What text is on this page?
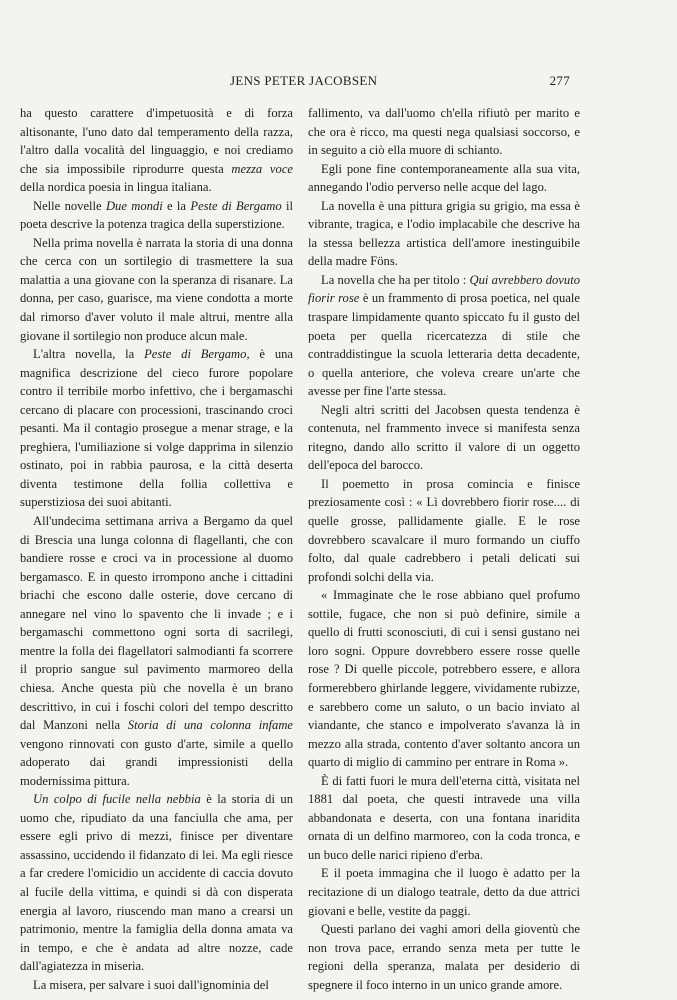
JENS PETER JACOBSEN	277

ha questo carattere d'impetuosità e di forza altisonante, l'uno dato dal temperamento della razza, l'altro dalla vocalità del linguaggio, e noi crediamo che sia impossibile riprodurre questa mezza voce della nordica poesia in lingua italiana.

Nelle novelle Due mondi e la Peste di Bergamo il poeta descrive la potenza tragica della superstizione.

Nella prima novella è narrata la storia di una donna che cerca con un sortilegio di trasmettere la sua malattia a una giovane con la speranza di risanare. La donna, per caso, guarisce, ma viene condotta a morte dal rimorso d'aver voluto il male altrui, mentre alla giovane il sortilegio non produce alcun male.

L'altra novella, la Peste di Bergamo, è una magnifica descrizione del cieco furore popolare contro il terribile morbo infettivo, che i bergamaschi cercano di placare con processioni, trascinando croci pesanti. Ma il contagio prosegue a menar strage, e la preghiera, l'umiliazione si volge dapprima in silenzio ostinato, poi in rabbia paurosa, e la città deserta diventa testimone della follia collettiva e superstiziosa dei suoi abitanti.

All'undecima settimana arriva a Bergamo da quel di Brescia una lunga colonna di flagellanti, che con bandiere rosse e croci va in processione al duomo bergamasco. E in questo irrompono anche i cittadini briachi che escono dalle osterie, dove cercano di annegare nel vino lo spavento che li invade ; e i bergamaschi commettono ogni sorta di sacrilegi, mentre la folla dei flagellatori salmodianti fa scorrere il proprio sangue sul pavimento marmoreo della chiesa. Anche questa più che novella è un brano descrittivo, in cui i foschi colori del tempo descritto dal Manzoni nella Storia di una colonna infame vengono rinnovati con gusto d'arte, simile a quello adoperato dai grandi impressionisti della modernissima pittura.

Un colpo di fucile nella nebbia è la storia di un uomo che, ripudiato da una fanciulla che ama, per essere egli privo di mezzi, finisce per diventare assassino, uccidendo il fidanzato di lei. Ma egli riesce a far credere l'omicidio un accidente di caccia dovuto al fucile della vittima, e quindi si dà con disperata energia al lavoro, riuscendo man mano a crearsi un patrimonio, mentre la famiglia della donna amata va in tempo, e che è andata ad altre nozze, cade dall'agiatezza in miseria.

La misera, per salvare i suoi dall'ignominia del

fallimento, va dall'uomo ch'ella rifiutò per marito e che ora è ricco, ma questi nega qualsiasi soccorso, e in seguito a ciò ella muore di schianto.

Egli pone fine contemporaneamente alla sua vita, annegando l'odio perverso nelle acque del lago.

La novella è una pittura grigia su grigio, ma essa è vibrante, tragica, e l'odio implacabile che descrive ha la stessa bellezza artistica dell'amore inestinguibile della madre Föns.

La novella che ha per titolo : Qui avrebbero dovuto fiorir rose è un frammento di prosa poetica, nel quale traspare limpidamente quanto spiccato fu il gusto del poeta per quella ricercatezza di stile che contraddistingue la scuola letteraria detta decadente, o quella anteriore, che voleva creare un'arte che avesse per fine l'arte stessa.

Negli altri scritti del Jacobsen questa tendenza è contenuta, nel frammento invece si manifesta senza ritegno, dando allo scritto il valore di un oggetto dell'epoca del barocco.

Il poemetto in prosa comincia e finisce preziosamente così : « Lì dovrebbero fiorir rose.... di quelle grosse, pallidamente gialle. E le rose dovrebbero scavalcare il muro formando un ciuffo folto, dal quale cadrebbero i petali delicati sui profondi solchi della via.

« Immaginate che le rose abbiano quel profumo sottile, fugace, che non si può definire, simile a quello di frutti sconosciuti, di cui i sensi gustano nei loro sogni. Oppure dovrebbero essere rosse quelle rose ? Di quelle piccole, potrebbero essere, e allora formerebbero ghirlande leggere, vividamente rubizze, e sarebbero come un saluto, o un bacio inviato al viandante, che stanco e impolverato s'avanza là in mezzo alla strada, contento d'aver soltanto ancora un quarto di miglio di cammino per entrare in Roma ».

È di fatti fuori le mura dell'eterna città, visitata nel 1881 dal poeta, che questi intravede una villa abbandonata e deserta, con una fontana inaridita ornata di un delfino marmoreo, con la coda tronca, e un buco delle narici ripieno d'erba.

E il poeta immagina che il luogo è adatto per la recitazione di un dialogo teatrale, detto da due attrici giovani e belle, vestite da paggi.

Questi parlano dei vaghi amori della gioventù che non trova pace, errando senza meta per tutte le regioni della speranza, malata per desiderio di spegnere il foco interno in un unico grande amore.
